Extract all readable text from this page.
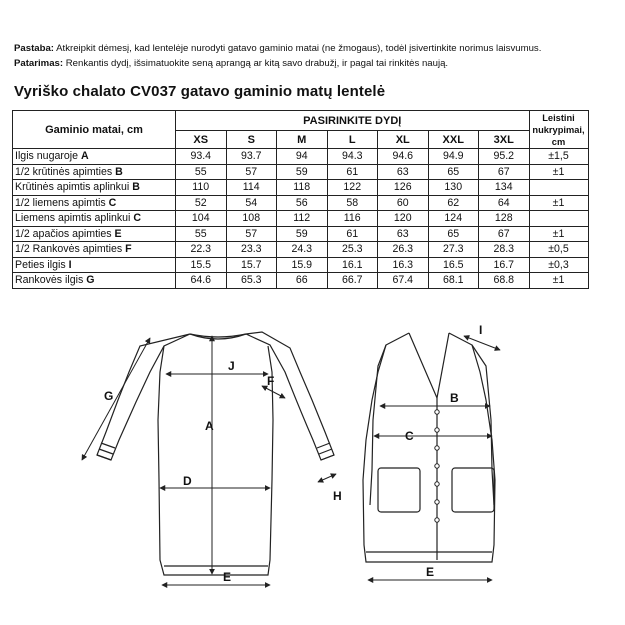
Pastaba: Atkreipkit dėmesį, kad lentelėje nurodyti gatavo gaminio matai (ne žmogaus), todėl įsivertinkite norimus laisvumus.
Patarimas: Renkantis dydį, išsimatuokite seną aprangą ar kitą savo drabužį, ir pagal tai rinkitės naują.
Vyriško chalato CV037 gatavo gaminio matų lentelė
Gaminio matai, cm	PASIRINKITE DYDĮ							Leistini nukrypimai, cm
	XS	S	M	L	XL	XXL	3XL	
Ilgis nugaroje A	93.4	93.7	94	94.3	94.6	94.9	95.2	±1,5
1/2 krūtinės apimties B	55	57	59	61	63	65	67	±1
Krūtinės apimtis aplinkui B	110	114	118	122	126	130	134	
1/2 liemens apimtis C	52	54	56	58	60	62	64	±1
Liemens apimtis aplinkui C	104	108	112	116	120	124	128	
1/2 apačios apimties E	55	57	59	61	63	65	67	±1
1/2 Rankovės apimties F	22.3	23.3	24.3	25.3	26.3	27.3	28.3	±0,5
Peties ilgis I	15.5	15.7	15.9	16.1	16.3	16.5	16.7	±0,3
Rankovės ilgis G	64.6	65.3	66	66.7	67.4	68.1	68.8	±1
G
J
F
A
D
H
E
I
B
C
E
